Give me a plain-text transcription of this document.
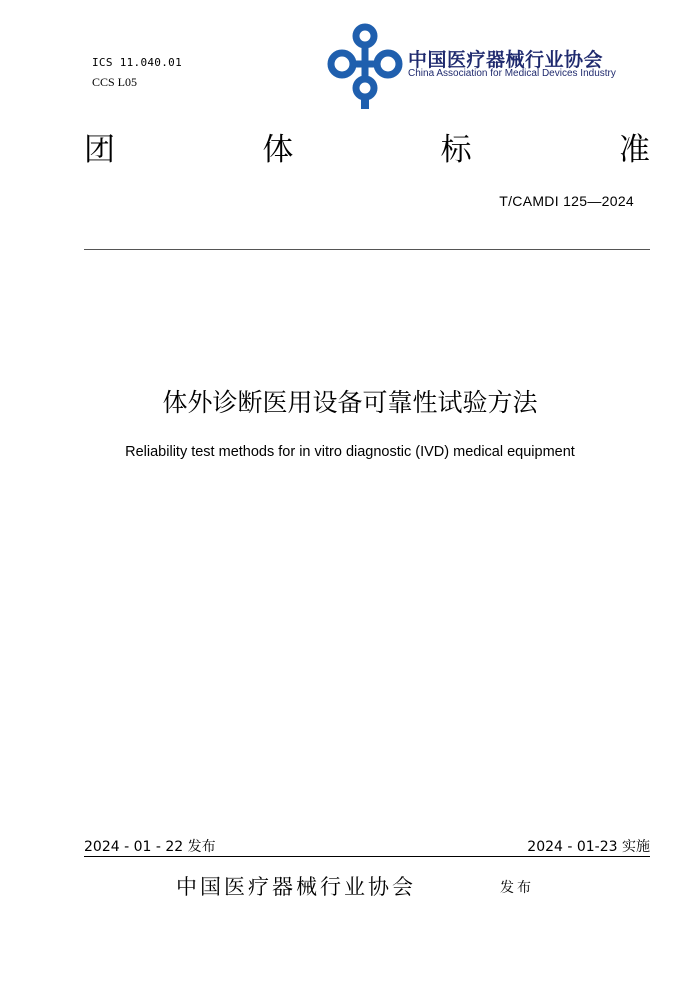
ICS 11.040.01
CCS L05
中国医疗器械行业协会
China Association for Medical Devices Industry
团	体	标	准
T/CAMDI 125—2024
体外诊断医用设备可靠性试验方法
Reliability test methods for in vitro diagnostic (IVD) medical equipment
2024 - 01 - 22 发布	2024 - 01-23 实施
中国医疗器械行业协会	发布
